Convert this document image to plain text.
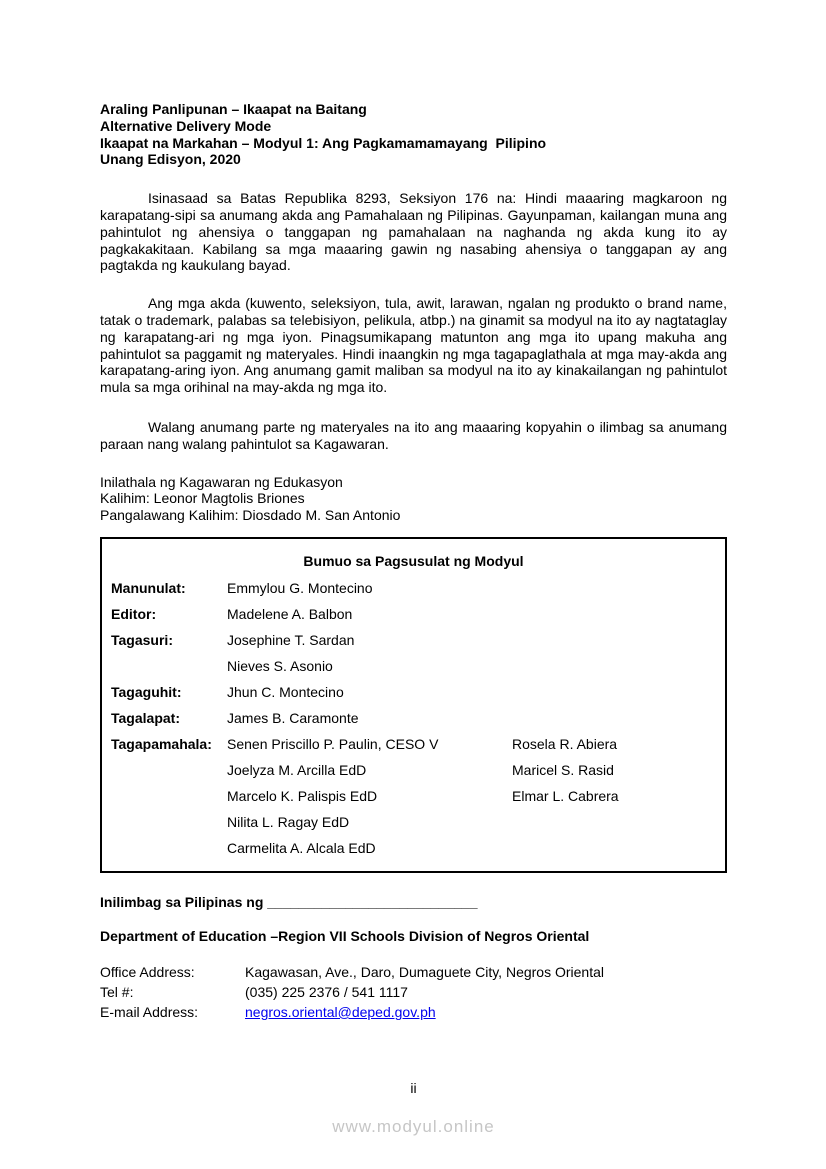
Araling Panlipunan – Ikaapat na Baitang
Alternative Delivery Mode
Ikaapat na Markahan – Modyul 1: Ang Pagkamamamayang  Pilipino
Unang Edisyon, 2020

Isinasaad sa Batas Republika 8293, Seksiyon 176 na: Hindi maaaring magkaroon ng karapatang-sipi sa anumang akda ang Pamahalaan ng Pilipinas. Gayunpaman, kailangan muna ang pahintulot ng ahensiya o tanggapan ng pamahalaan na naghanda ng akda kung ito ay pagkakakitaan. Kabilang sa mga maaaring gawin ng nasabing ahensiya o tanggapan ay ang pagtakda ng kaukulang bayad.

Ang mga akda (kuwento, seleksiyon, tula, awit, larawan, ngalan ng produkto o brand name, tatak o trademark, palabas sa telebisiyon, pelikula, atbp.) na ginamit sa modyul na ito ay nagtataglay ng karapatang-ari ng mga iyon. Pinagsumikapang matunton ang mga ito upang makuha ang pahintulot sa paggamit ng materyales. Hindi inaangkin ng mga tagapaglathala at mga may-akda ang karapatang-aring iyon. Ang anumang gamit maliban sa modyul na ito ay kinakailangan ng pahintulot mula sa mga orihinal na may-akda ng mga ito.

Walang anumang parte ng materyales na ito ang maaaring kopyahin o ilimbag sa anumang paraan nang walang pahintulot sa Kagawaran.

Inilathala ng Kagawaran ng Edukasyon
Kalihim: Leonor Magtolis Briones
Pangalawang Kalihim: Diosdado M. San Antonio
Bumuo sa Pagsusulat ng Modyul
Manunulat:	Emmylou G. Montecino
Editor:	Madelene A. Balbon
Tagasuri:	Josephine T. Sardan
Nieves S. Asonio
Tagaguhit:	Jhun C. Montecino
Tagalapat:	James B. Caramonte
Tagapamahala:	Senen Priscillo P. Paulin, CESO V	Rosela R. Abiera
Joelyza M. Arcilla EdD	Maricel S. Rasid
Marcelo K. Palispis EdD	Elmar L. Cabrera
Nilita L. Ragay EdD
Carmelita A. Alcala EdD
Inilimbag sa Pilipinas ng ___________________________
Department of Education –Region VII Schools Division of Negros Oriental
Office Address:	Kagawasan, Ave., Daro, Dumaguete City, Negros Oriental
Tel #:	(035) 225 2376 / 541 1117
E-mail Address:	negros.oriental@deped.gov.ph
ii
www.modyul.online
